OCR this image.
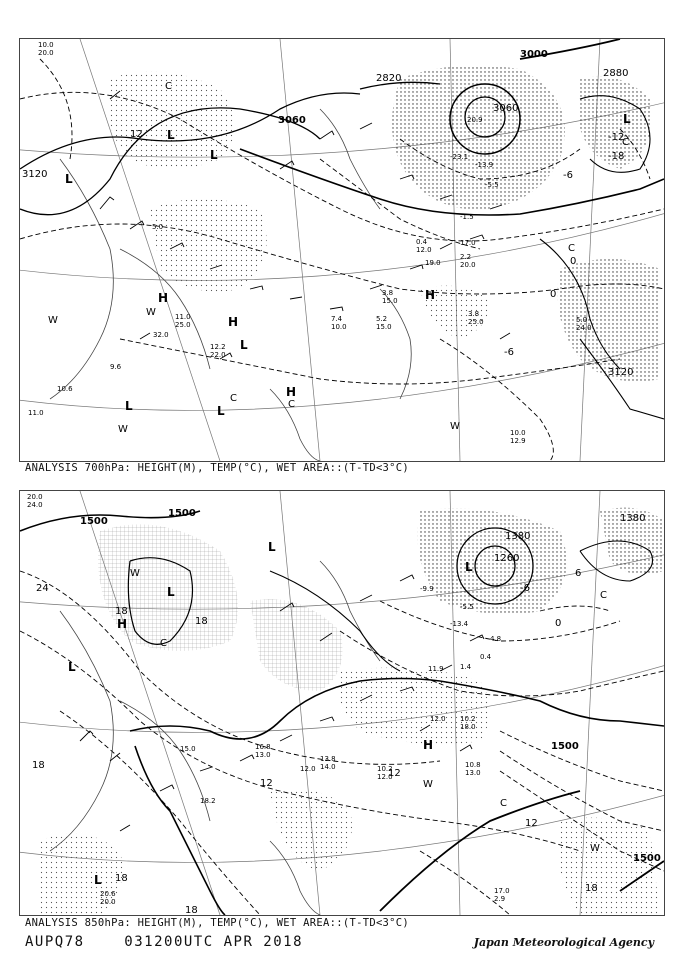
3000
3120
2880
2820
3060
3120
3060
-12
-18
-6
0
-6
0
12 L
L
L
H
H
H
L	L
H
W
W
W
C
C
C
C
C
L
L
W
10.0
20.0
5.0
11.0
25.0
32.0
12.2
22.0
3.8
25.0	5.0
24.0
10.0
12.9
0.4
12.0
2.2
20.0
17.0
5.2
15.0
7.4
10.0
9.6
10.6
11.0
19.0
3.8
15.0
20.9
-23.1
-13.9
-5.5
-1.5
ANALYSIS 700hPa: HEIGHT(M), TEMP(°C), WET AREA::(T-TD<3°C)
1500
1500
1500
1500
1380
1260
1380
24
18
18
18
18
12
12
0
6
-6
18
18
12
L
L
L
L
H
H
C
C
W
W
W	L
C
20.0
24.0
16.8
13.0
10.8
13.0
17.0
2.9
10.2
12.0
10.2
18.0
12.0
15.0
20.6
20.0
12.0
18.2
13.8
14.0
1.4
4.8
-5.5
-9.9
11.9
0.4
-13.4
ANALYSIS 850hPa: HEIGHT(M), TEMP(°C), WET AREA::(T-TD<3°C)
AUPQ78	031200UTC APR 2018	Japan Meteorological Agency
